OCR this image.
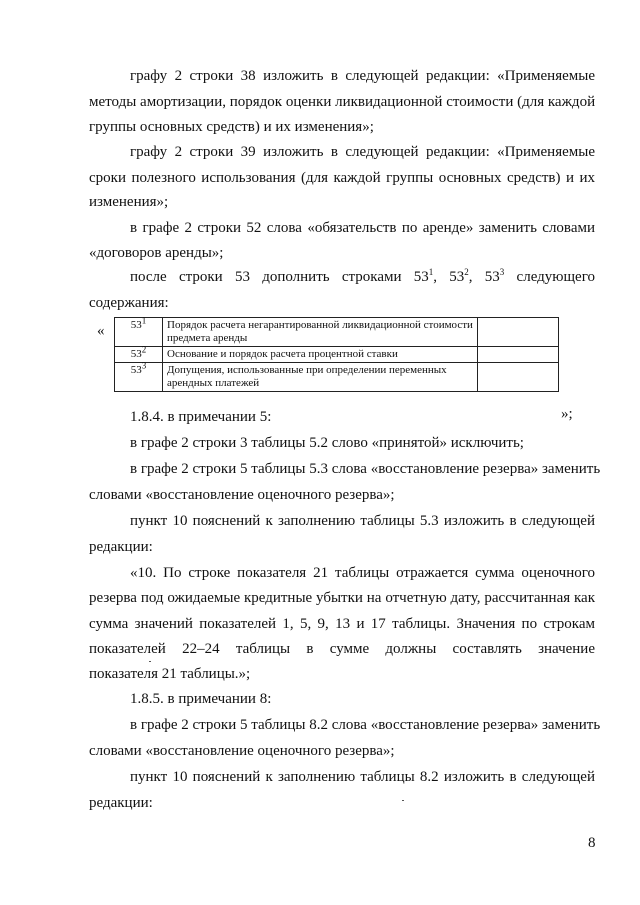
графу 2 строки 38 изложить в следующей редакции: «Применяемые
методы амортизации, порядок оценки ликвидационной стоимости (для каждой
группы основных средств) и их изменения»;
графу 2 строки 39 изложить в следующей редакции: «Применяемые
сроки полезного использования (для каждой группы основных средств) и их
изменения»;
в графе 2 строки 52 слова «обязательств по аренде» заменить словами
«договоров аренды»;
содержания:
1.8.4. в примечании 5:
в графе 2 строки 3 таблицы 5.2 слово «принятой» исключить;
в графе 2 строки 5 таблицы 5.3 слова «восстановление резерва» заменить
словами «восстановление оценочного резерва»;
пункт 10 пояснений к заполнению таблицы 5.3 изложить в следующей
редакции:
«10. По строке показателя 21 таблицы отражается сумма оценочного
резерва под ожидаемые кредитные убытки на отчетную дату, рассчитанная как
сумма значений показателей 1, 5, 9, 13 и 17 таблицы. Значения по строкам
показателей 22–24 таблицы в сумме должны составлять значение
показателя 21 таблицы.»;
1.8.5. в примечании 8:
в графе 2 строки 5 таблицы 8.2 слова «восстановление резерва» заменить
словами «восстановление оценочного резерва»;
пункт 10 пояснений к заполнению таблицы 8.2 изложить в следующей
редакции:
после строки 53 дополнить строками $53^1$, $53^2$, $53^3$ следующего
« $53^1$	Порядок расчета негарантированной ликвидационной стоимости предмета аренды	
$53^2$	Основание и порядок расчета процентной ставки	
$53^3$	Допущения, использованные при определении переменных арендных платежей	
»;
8
